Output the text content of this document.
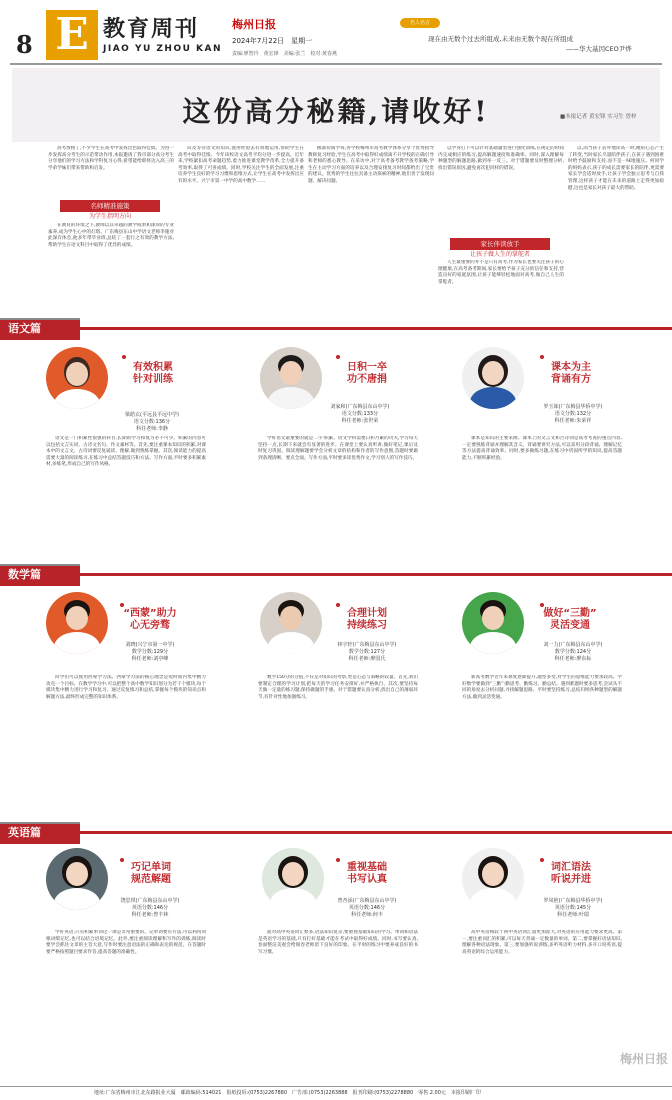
8 E 教育周刊	梅州日报
JIAO YU ZHOU KAN
2024年7月22日　星期一
责编:廖智玲　黄宏锋　美编:张兰　校对:黄春燕
名人名言
现在由无数个过去所组成,未来由无数个现在所组成
——华大基因CEO尹烨
这份高分秘籍,请收好!	■本报记者 黄宏锋 实习生 曾梓
高考放榜了,不少学生在高考中发挥出色取得佳绩。为进一步发挥高分考生的示范带动作用,本报邀请了我市部分高分考生分享他们的学习方法和学科复习心得,希望能给即将迈入高三的学弟学妹们带来帮助和启发。
名师精准施策
为学生指明方向
在教育的环境之下,教师以其卓越的教学成果和深厚的专业素养,成为学生心中的灯塔。广东梅县东山中学语文老师李施对此深有体会,他多年带毕业班,总结了一套行之有效的教学方法,帮助学生在语文科目中取得了优异的成绩。
识及等待语文的知识,使用经验去有效地运用,帮助学生在高考中取得佳绩。今年该校语文高考平均分进一步提高。近年来,学校紧扣高考命题趋势,着力推进课堂教学改革,全力提升备考效率,取得了可喜成绩。同时,学校关注学生的全面发展,注重培养学生良好的学习习惯和思维方式,让学生在高考中发挥出应有的水平。兴宁市第一中学的高中数学……
级都扮演学每,各学校梅州市高考教学体系分享个优秀指导教师复习经验,学生在高考中取得好成绩离不开学校的正确引导和老师的悉心教导。在采访中,对于高考备考教学备考策略,学生在主动学习方面的培养以及合理安排复习时间都给出了宝贵的建议。优秀的学生往往具备主动探索的精神,他们善于发现问题、解决问题。
以学业打下可以针对基础题型进行强化训练,在规定的时间内完成相应的练习,提高解题速度和准确率。同时,深入理解每种题型的解题思路,做到举一反三。对于错题要及时整理分析,找出错误原因,避免再次犯同样的错误。
家长伴读放手
让孩子做人生的掌舵者
人生最重要的并不是只有高考,作为家长也要关注孩子的心理健康,在高考备考期间,家长要给予孩子充分的信任和支持,营造良好的家庭氛围,让孩子能够轻松地面对高考,做自己人生的掌舵者。
以,而当孩子去外地读高一时,她的心态产生了转变,当时家长尽量陪伴孩子,在孩子遇到困难时给予鼓励和支持,而不是一味地施压。何同学的妈妈表示,孩子的成长需要家长的陪伴,更需要家长学会适时放手,让孩子学会独立思考与自我管理,这样孩子才能在未来的道路上走得更加稳健,这也是家长对孩子最大的帮助。
语文篇
有效积累
针对训练
梁皓玄(平远县平远中学)
语文分数:136分
科任老师:李静
语文是一门积累性很强的科目,长期的学习和复习必不可少。积累的内容可以包括文言实词、古诗文名句、作文素材等。首先,要注重课本知识的积累,对课本中的文言文、古诗词要反复诵读、理解,做到熟练掌握。其次,阅读能力的提高需要大量的阅读练习,在练习中总结答题技巧和方法。写作方面,平时要多积累素材,多练笔,形成自己的写作风格。
日积一卒
功不唐捐
刘家和(广东梅县东山中学)
语文分数:133分
科任老师:张世荣
学好语文最重要的就是二字:积累。语文学科需要日积月累的功夫,学习每天坚持一点,长期下来就会有显著的进步。在课堂上要认真听讲,做好笔记,课后及时复习巩固。阅读理解题要学会分析文章的结构和作者的写作意图,答题时要做到条理清晰、要点全面。写作方面,平时要多读优秀作文,学习别人的写作技巧。
课本为主
背诵有方
罗玉妹(广东梅县华侨中学)
语文分数:132分
科任老师:朱荣祥
课本是知识的主要来源。课本上的文言文和古诗词是高考考查的重点内容,一定要熟练背诵并理解其含义。背诵要讲究方法,可以采用分段背诵、理解记忆等方法提高背诵效率。同时,要多做练习题,在练习中巩固所学的知识,提高答题能力,不断积累经验。
数学篇
“西蒙”助力
心无旁骛
刘晓(兴宁市第一中学)
数学分数:129分
科任老师:刘亭峰
同学们可以使用西蒙学习法。西蒙学习法的核心理念是短时间内集中精力攻克一个目标。在数学学习中,可以把整个高中数学知识划分为若干个模块,每个模块集中精力进行学习和复习。通过反复练习和总结,掌握每个模块的知识点和解题方法,最终形成完整的知识体系。
合理计划
持续练习
林宇轩(广东梅县东山中学)
数学分数:127分
科任老师:廖国氏
数学150分的分值,不仅是对知识的考察,更是心态与策略的较量。首先,我们要制定合理的学习计划,把每天的学习任务安排好,并严格执行。其次,要坚持每天做一定量的练习题,保持做题的手感。对于错题要认真分析,找出自己的薄弱环节,有针对性地加强练习。
做好“三勤”
灵活变通
刘一力(广东梅县东山中学)
数学分数:124分
科任老师:廖东标
新高考数学近年来难度逐渐提升,题型多变,对学生的思维能力要求较高。学好数学要做到“三勤”:勤思考、勤练习、勤总结。遇到难题时要多思考,尝试从不同的角度去分析问题,寻找解题思路。平时要坚持练习,总结归纳各种题型的解题方法,做到灵活变通。
英语篇
巧记单词
规范解题
饶思琪(广东梅县东山中学)
英语分数:146分
科任老师:曾丰林
学好英语,只有积累单词这一项是非常重要的。记单词要有方法,可以利用词根词缀记忆,也可以结合语境记忆。此外,要注重阅读理解和写作的训练,阅读时要学会抓住文章的主旨大意,写作时要注意语法的正确和表达的规范。在答题时要严格按照题目要求作答,提高答题的准确性。
重视基础
书写认真
曾杏添(广东梅县东山中学)
英语分数:146分
科任老师:何丰
面对高中英语词汇繁多,语法知识复杂,要重视基础知识的学习。单词和语法是英语学习的基础,只有打好基础才能在考试中取得好成绩。同时,书写要认真,卷面整洁美观会给阅卷老师留下良好的印象。在平时的练习中要养成良好的书写习惯。
词汇语法
听说并进
罗凤艳(广东梅县华侨中学)
英语分数:145分
科任老师:叶瑞
高中英语相较于初中英语词汇量更加庞大,对英语的应用能力要求更高。第一,要注重词汇的积累,可以每天背诵一定数量的单词。第二,要掌握好语法知识,理解各种语法现象。第三,要加强听说训练,多听英语听力材料,多开口说英语,提高英语的综合运用能力。
梅州日报
地址:广东省梅州市江北东路报业大厦　邮政编码:514021　报纸投诉:(0753)2267880　广告部:(0753)2263888　报刊印刷:(0753)2278880　零售 2.00元　本报印刷厂印
